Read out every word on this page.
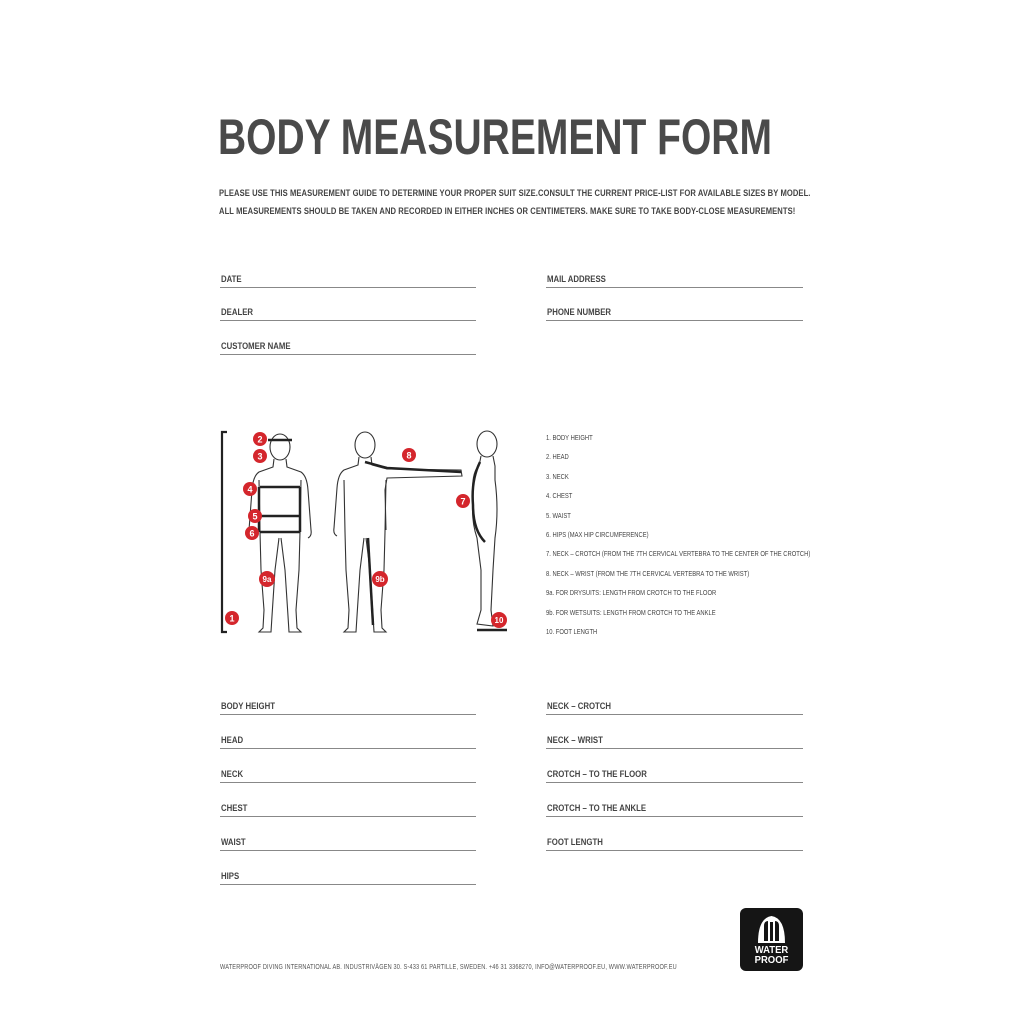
BODY MEASUREMENT FORM
PLEASE USE THIS MEASUREMENT GUIDE TO DETERMINE YOUR PROPER SUIT SIZE.CONSULT THE CURRENT PRICE-LIST FOR AVAILABLE SIZES BY MODEL.
ALL MEASUREMENTS SHOULD BE TAKEN AND RECORDED IN EITHER INCHES OR CENTIMETERS. MAKE SURE TO TAKE BODY-CLOSE MEASUREMENTS!
DATE
DEALER
CUSTOMER NAME
MAIL ADDRESS
PHONE NUMBER
2
3
4
5
6
9a
1
8
9b
7
10
1. BODY HEIGHT
2. HEAD
3. NECK
4. CHEST
5. WAIST
6. HIPS (MAX HIP CIRCUMFERENCE)
7. NECK – CROTCH (FROM THE 7TH CERVICAL VERTEBRA TO THE CENTER OF THE CROTCH)
8. NECK – WRIST (FROM THE 7TH CERVICAL VERTEBRA TO THE WRIST)
9a. FOR DRYSUITS: LENGTH FROM CROTCH TO THE FLOOR
9b. FOR WETSUITS: LENGTH FROM CROTCH TO THE ANKLE
10. FOOT LENGTH
BODY HEIGHT
HEAD
NECK
CHEST
WAIST
HIPS
NECK – CROTCH
NECK – WRIST
CROTCH – TO THE FLOOR
CROTCH – TO THE ANKLE
FOOT LENGTH
WATER
PROOF
WATERPROOF DIVING INTERNATIONAL AB. INDUSTRIVÄGEN 30. S-433 61 PARTILLE, SWEDEN. +46 31 3368270, INFO@WATERPROOF.EU, WWW.WATERPROOF.EU
